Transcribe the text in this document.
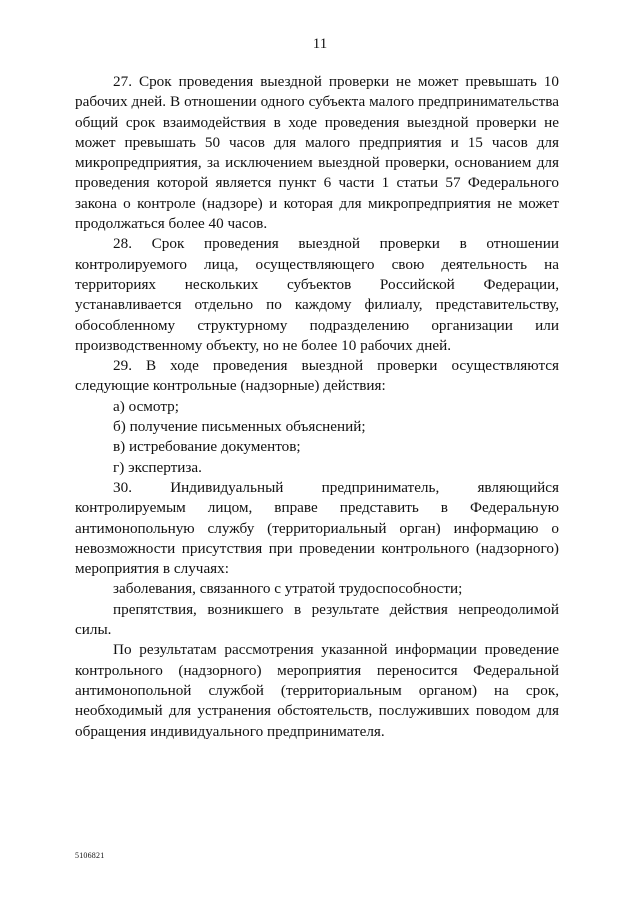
11

27. Срок проведения выездной проверки не может превышать 10 рабочих дней. В отношении одного субъекта малого предпринимательства общий срок взаимодействия в ходе проведения выездной проверки не может превышать 50 часов для малого предприятия и 15 часов для микропредприятия, за исключением выездной проверки, основанием для проведения которой является пункт 6 части 1 статьи 57 Федерального закона о контроле (надзоре) и которая для микропредприятия не может продолжаться более 40 часов.

28. Срок проведения выездной проверки в отношении контролируемого лица, осуществляющего свою деятельность на территориях нескольких субъектов Российской Федерации, устанавливается отдельно по каждому филиалу, представительству, обособленному структурному подразделению организации или производственному объекту, но не более 10 рабочих дней.

29. В ходе проведения выездной проверки осуществляются следующие контрольные (надзорные) действия:

а) осмотр;

б) получение письменных объяснений;

в) истребование документов;

г) экспертиза.

30. Индивидуальный предприниматель, являющийся контролируемым лицом, вправе представить в Федеральную антимонопольную службу (территориальный орган) информацию о невозможности присутствия при проведении контрольного (надзорного) мероприятия в случаях:

заболевания, связанного с утратой трудоспособности;

препятствия, возникшего в результате действия непреодолимой силы.

По результатам рассмотрения указанной информации проведение контрольного (надзорного) мероприятия переносится Федеральной антимонопольной службой (территориальным органом) на срок, необходимый для устранения обстоятельств, послуживших поводом для обращения индивидуального предпринимателя.

5106821
